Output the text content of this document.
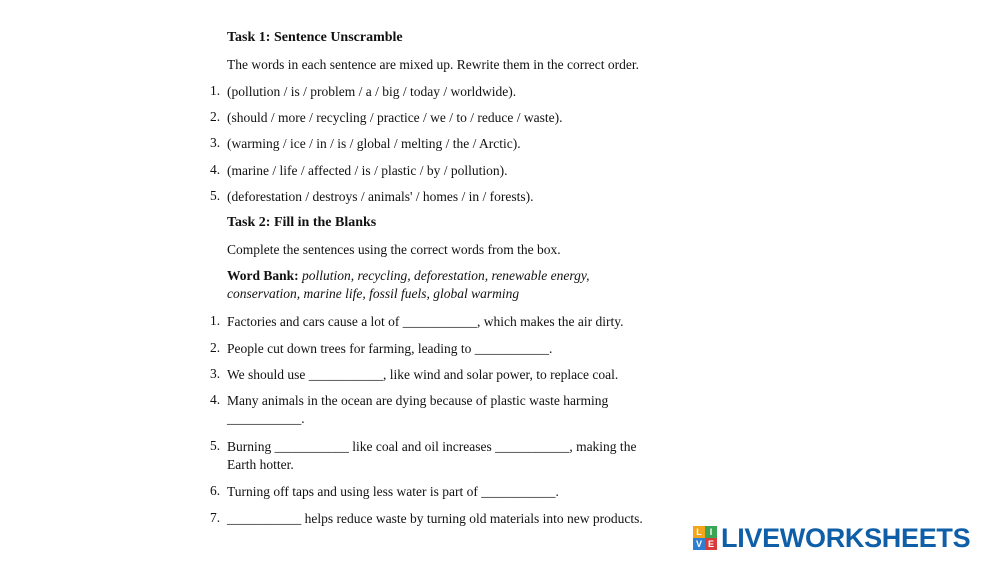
Task 1: Sentence Unscramble
The words in each sentence are mixed up. Rewrite them in the correct order.
1. (pollution / is / problem / a / big / today / worldwide).
2. (should / more / recycling / practice / we / to / reduce / waste).
3. (warming / ice / in / is / global / melting / the / Arctic).
4. (marine / life / affected / is / plastic / by / pollution).
5. (deforestation / destroys / animals' / homes / in / forests).
Task 2: Fill in the Blanks
Complete the sentences using the correct words from the box.
Word Bank: pollution, recycling, deforestation, renewable energy,
conservation, marine life, fossil fuels, global warming
1. Factories and cars cause a lot of ___________, which makes the air dirty.
2. People cut down trees for farming, leading to ___________.
3. We should use ___________, like wind and solar power, to replace coal.
4. Many animals in the ocean are dying because of plastic waste harming
___________.
5. Burning ___________ like coal and oil increases ___________, making the
Earth hotter.
6. Turning off taps and using less water is part of ___________.
7. ___________ helps reduce waste by turning old materials into new products.
L I
V E LIVEWORKSHEETS
